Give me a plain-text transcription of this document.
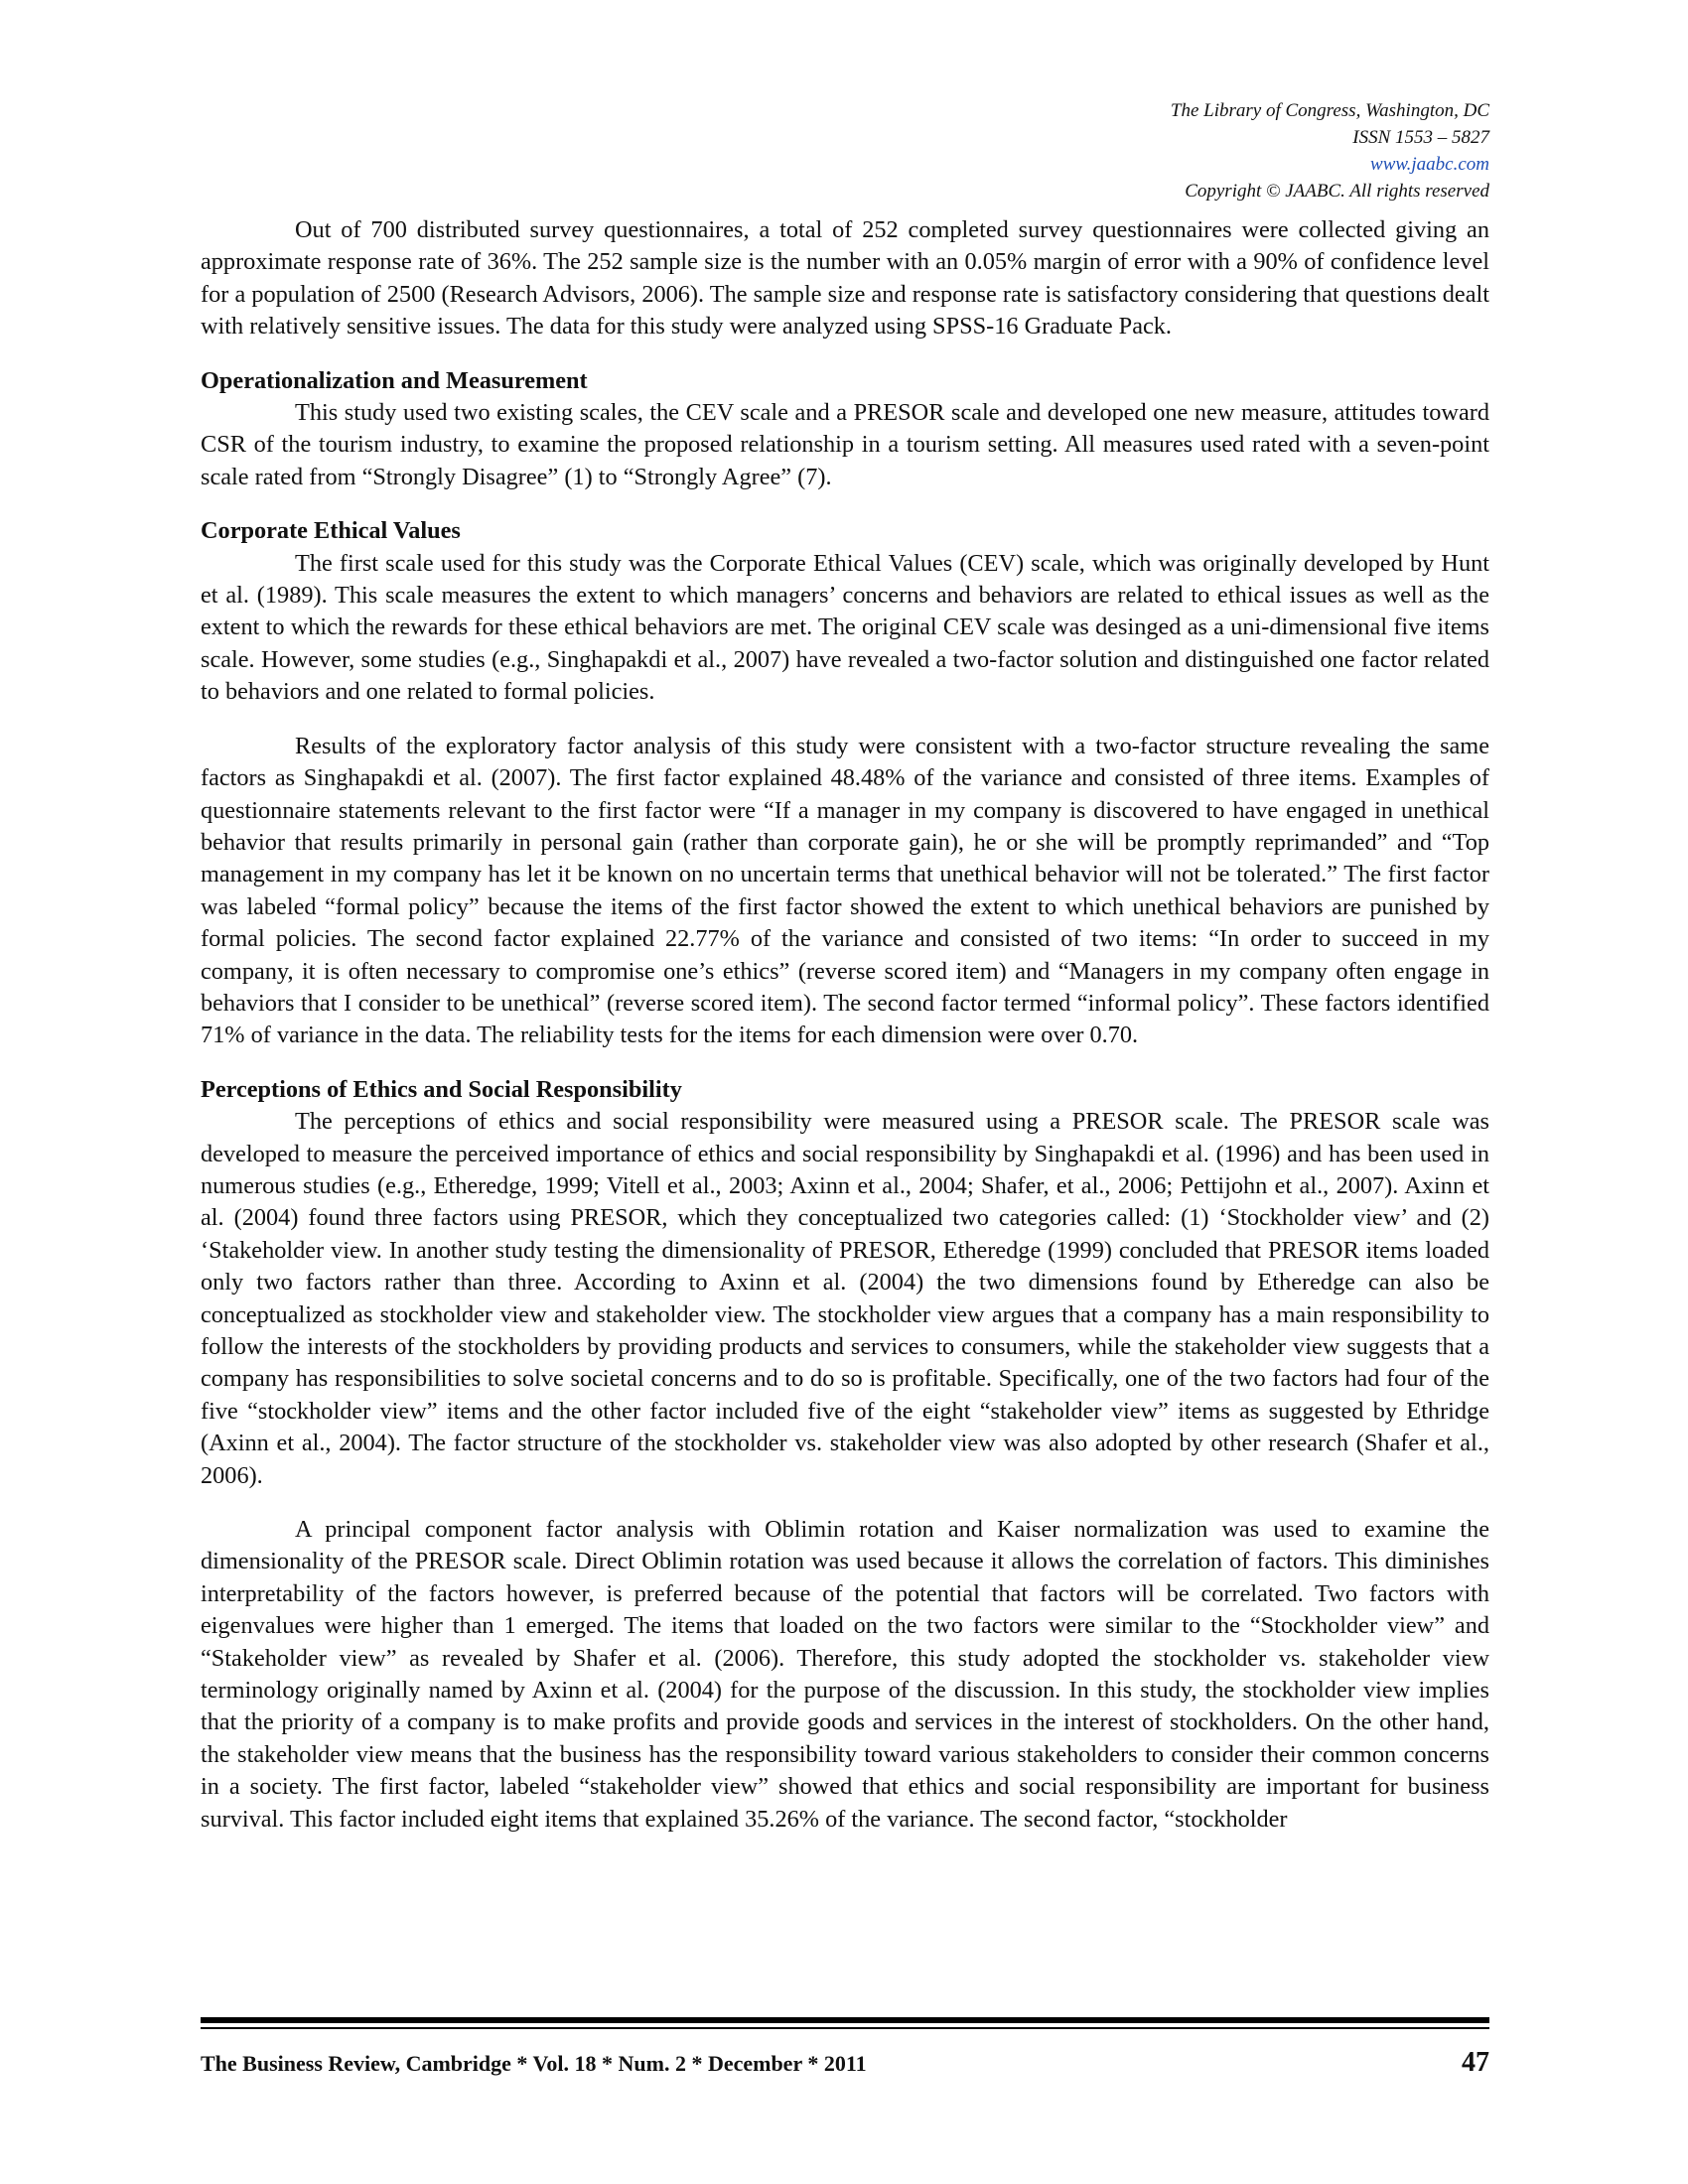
The Library of Congress, Washington, DC
ISSN 1553 – 5827
www.jaabc.com
Copyright © JAABC. All rights reserved

Out of 700 distributed survey questionnaires, a total of 252 completed survey questionnaires were collected giving an approximate response rate of 36%. The 252 sample size is the number with an 0.05% margin of error with a 90% of confidence level for a population of 2500 (Research Advisors, 2006). The sample size and response rate is satisfactory considering that questions dealt with relatively sensitive issues. The data for this study were analyzed using SPSS-16 Graduate Pack.

Operationalization and Measurement

This study used two existing scales, the CEV scale and a PRESOR scale and developed one new measure, attitudes toward CSR of the tourism industry, to examine the proposed relationship in a tourism setting. All measures used rated with a seven-point scale rated from “Strongly Disagree” (1) to “Strongly Agree” (7).

Corporate Ethical Values

The first scale used for this study was the Corporate Ethical Values (CEV) scale, which was originally developed by Hunt et al. (1989). This scale measures the extent to which managers’ concerns and behaviors are related to ethical issues as well as the extent to which the rewards for these ethical behaviors are met. The original CEV scale was desinged as a uni-dimensional five items scale. However, some studies (e.g., Singhapakdi et al., 2007) have revealed a two-factor solution and distinguished one factor related to behaviors and one related to formal policies.

Results of the exploratory factor analysis of this study were consistent with a two-factor structure revealing the same factors as Singhapakdi et al. (2007). The first factor explained 48.48% of the variance and consisted of three items. Examples of questionnaire statements relevant to the first factor were “If a manager in my company is discovered to have engaged in unethical behavior that results primarily in personal gain (rather than corporate gain), he or she will be promptly reprimanded” and “Top management in my company has let it be known on no uncertain terms that unethical behavior will not be tolerated.” The first factor was labeled “formal policy” because the items of the first factor showed the extent to which unethical behaviors are punished by formal policies. The second factor explained 22.77% of the variance and consisted of two items: “In order to succeed in my company, it is often necessary to compromise one’s ethics” (reverse scored item) and “Managers in my company often engage in behaviors that I consider to be unethical” (reverse scored item). The second factor termed “informal policy”. These factors identified 71% of variance in the data. The reliability tests for the items for each dimension were over 0.70.

Perceptions of Ethics and Social Responsibility

The perceptions of ethics and social responsibility were measured using a PRESOR scale. The PRESOR scale was developed to measure the perceived importance of ethics and social responsibility by Singhapakdi et al. (1996) and has been used in numerous studies (e.g., Etheredge, 1999; Vitell et al., 2003; Axinn et al., 2004; Shafer, et al., 2006; Pettijohn et al., 2007). Axinn et al. (2004) found three factors using PRESOR, which they conceptualized two categories called: (1) ‘Stockholder view’ and (2) ‘Stakeholder view. In another study testing the dimensionality of PRESOR, Etheredge (1999) concluded that PRESOR items loaded only two factors rather than three. According to Axinn et al. (2004) the two dimensions found by Etheredge can also be conceptualized as stockholder view and stakeholder view. The stockholder view argues that a company has a main responsibility to follow the interests of the stockholders by providing products and services to consumers, while the stakeholder view suggests that a company has responsibilities to solve societal concerns and to do so is profitable. Specifically, one of the two factors had four of the five “stockholder view” items and the other factor included five of the eight “stakeholder view” items as suggested by Ethridge (Axinn et al., 2004). The factor structure of the stockholder vs. stakeholder view was also adopted by other research (Shafer et al., 2006).

A principal component factor analysis with Oblimin rotation and Kaiser normalization was used to examine the dimensionality of the PRESOR scale. Direct Oblimin rotation was used because it allows the correlation of factors. This diminishes interpretability of the factors however, is preferred because of the potential that factors will be correlated. Two factors with eigenvalues were higher than 1 emerged. The items that loaded on the two factors were similar to the “Stockholder view” and “Stakeholder view” as revealed by Shafer et al. (2006). Therefore, this study adopted the stockholder vs. stakeholder view terminology originally named by Axinn et al. (2004) for the purpose of the discussion. In this study, the stockholder view implies that the priority of a company is to make profits and provide goods and services in the interest of stockholders. On the other hand, the stakeholder view means that the business has the responsibility toward various stakeholders to consider their common concerns in a society. The first factor, labeled “stakeholder view” showed that ethics and social responsibility are important for business survival. This factor included eight items that explained 35.26% of the variance. The second factor, “stockholder

The Business Review, Cambridge * Vol. 18 * Num. 2 * December * 2011	47
